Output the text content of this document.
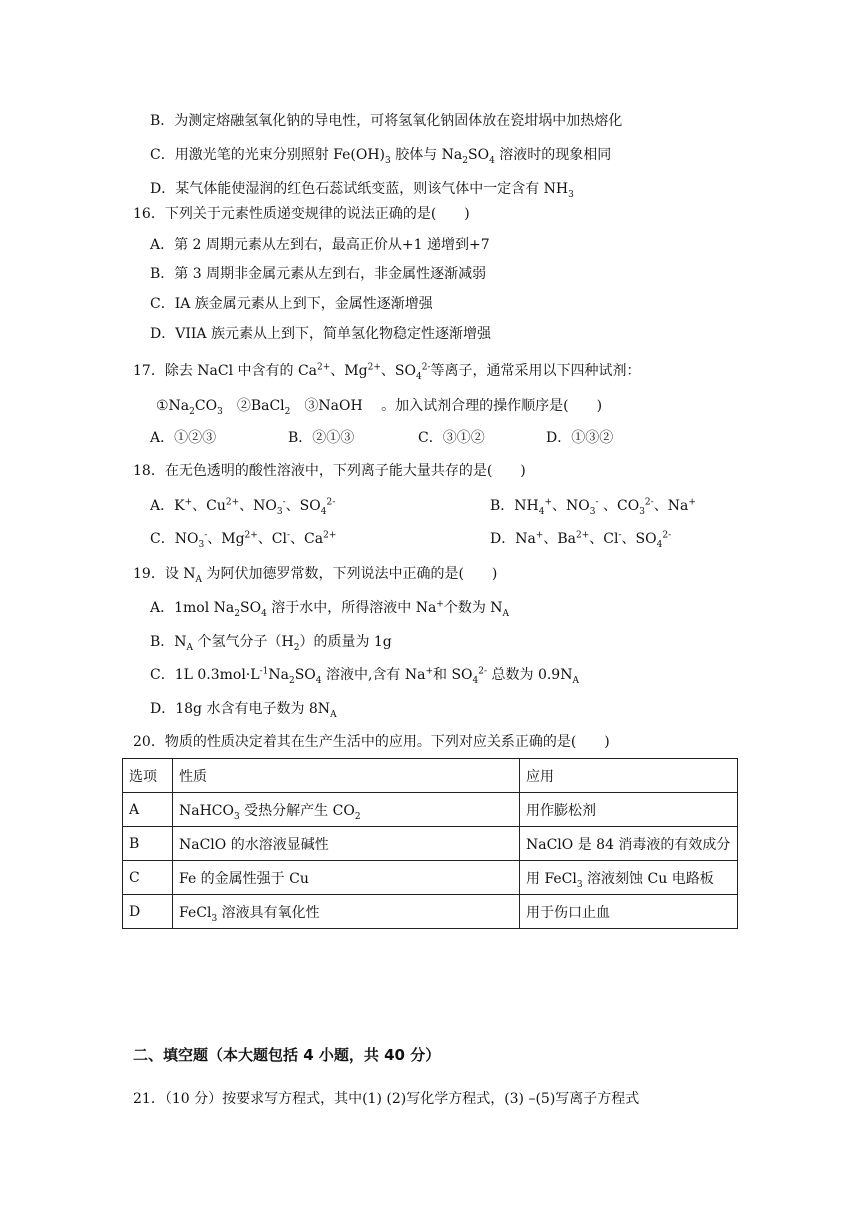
B．为测定熔融氢氧化钠的导电性，可将氢氧化钠固体放在瓷坩埚中加热熔化
C．用激光笔的光束分别照射 $Fe(OH)_3$ 胶体与 $Na_2SO_4$ 溶液时的现象相同
D．某气体能使湿润的红色石蕊试纸变蓝，则该气体中一定含有 $NH_3$
16．下列关于元素性质递变规律的说法正确的是(　　)
A．第 2 周期元素从左到右，最高正价从+1 递增到+7
B．第 3 周期非金属元素从左到右，非金属性逐渐减弱
C．IA 族金属元素从上到下，金属性逐渐增强
D．VIIA 族元素从上到下，简单氢化物稳定性逐渐增强
17．除去 NaCl 中含有的 $Ca^{2+}$、$Mg^{2+}$、$SO_4^{2-}$等离子，通常采用以下四种试剂：
$①Na_2CO_3$　②BaCl$_2$　③NaOH　 。加入试剂合理的操作顺序是(　　)
A．①②③	B．②①③	C．③①②	D．①③②
18．在无色透明的酸性溶液中，下列离子能大量共存的是(　　)
A．K+、$Cu^{2+}$、$NO_3^-$、$SO_4^{2-}$	B．$NH_4^+$、$NO_3^-$ 、$CO_3^{2-}$、Na+
C．$NO_3^-$、$Mg^{2+}$、Cl-、$Ca^{2+}$	D．Na+、$Ba^{2+}$、Cl-、$SO_4^{2-}$
19．设 $N_A$ 为阿伏加德罗常数，下列说法中正确的是(　　)
A．1mol $Na_2SO_4$ 溶于水中，所得溶液中 Na+个数为 $N_A$
B．$N_A$ 个氢气分子$(H_2)$的质量为 1g
C．1L $0.3mol\cdot L^{-1}Na_2SO_4$ 溶液中,含有 Na+和 $SO_4^{2-}$ 总数为 $0.9N_A$
D．18g 水含有电子数为 $8N_A$
20．物质的性质决定着其在生产生活中的应用。下列对应关系正确的是(　　)
选项	性质	应用
A	NaHCO$_3$ 受热分解产生 $CO_2$	用作膨松剂
B	NaClO 的水溶液显碱性	NaClO 是 84 消毒液的有效成分
C	Fe 的金属性强于 Cu	用 FeCl$_3$ 溶液刻蚀 Cu 电路板
D	FeCl$_3$ 溶液具有氧化性	用于伤口止血
二、填空题（本大题包括 4 小题，共 40 分）
21．（10 分）按要求写方程式，其中(1) (2)写化学方程式，(3) –(5)写离子方程式
